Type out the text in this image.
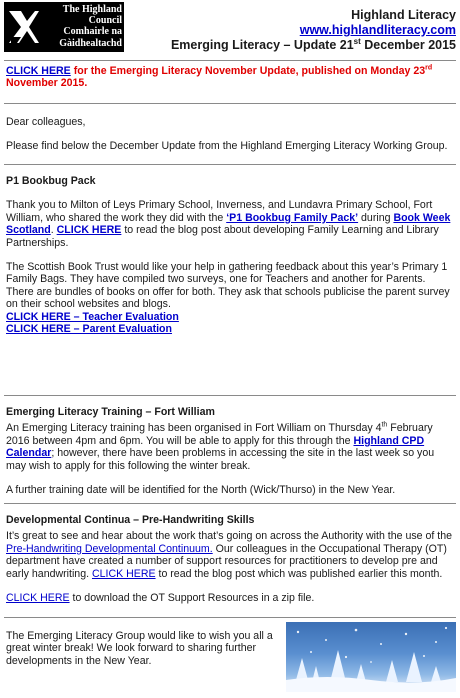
The Highland
Council
Comhairle na
Gàidhealtachd
Highland Literacy
www.highlandliteracy.com
Emerging Literacy – Update 21st December 2015

CLICK HERE for the Emerging Literacy November Update, published on Monday 23rd November 2015.

Dear colleagues,

Please find below the December Update from the Highland Emerging Literacy Working Group.

P1 Bookbug Pack

Thank you to Milton of Leys Primary School, Inverness, and Lundavra Primary School, Fort William, who shared the work they did with the ‘P1 Bookbug Family Pack’ during Book Week Scotland. CLICK HERE to read the blog post about developing Family Learning and Library Partnerships.

The Scottish Book Trust would like your help in gathering feedback about this year’s Primary 1 Family Bags. They have compiled two surveys, one for Teachers and another for Parents. There are bundles of books on offer for both. They ask that schools publicise the parent survey on their school websites and blogs.

CLICK HERE – Teacher Evaluation

CLICK HERE – Parent Evaluation

Emerging Literacy Training – Fort William

An Emerging Literacy training has been organised in Fort William on Thursday 4th February 2016 between 4pm and 6pm. You will be able to apply for this through the Highland CPD Calendar; however, there have been problems in accessing the site in the last week so you may wish to apply for this following the winter break.

A further training date will be identified for the North (Wick/Thurso) in the New Year.

Developmental Continua – Pre-Handwriting Skills

It’s great to see and hear about the work that’s going on across the Authority with the use of the Pre-Handwriting Developmental Continuum. Our colleagues in the Occupational Therapy (OT) department have created a number of support resources for practitioners to develop pre and early handwriting. CLICK HERE to read the blog post which was published earlier this month.

CLICK HERE to download the OT Support Resources in a zip file.

The Emerging Literacy Group would like to wish you all a great winter break! We look forward to sharing further developments in the New Year.
